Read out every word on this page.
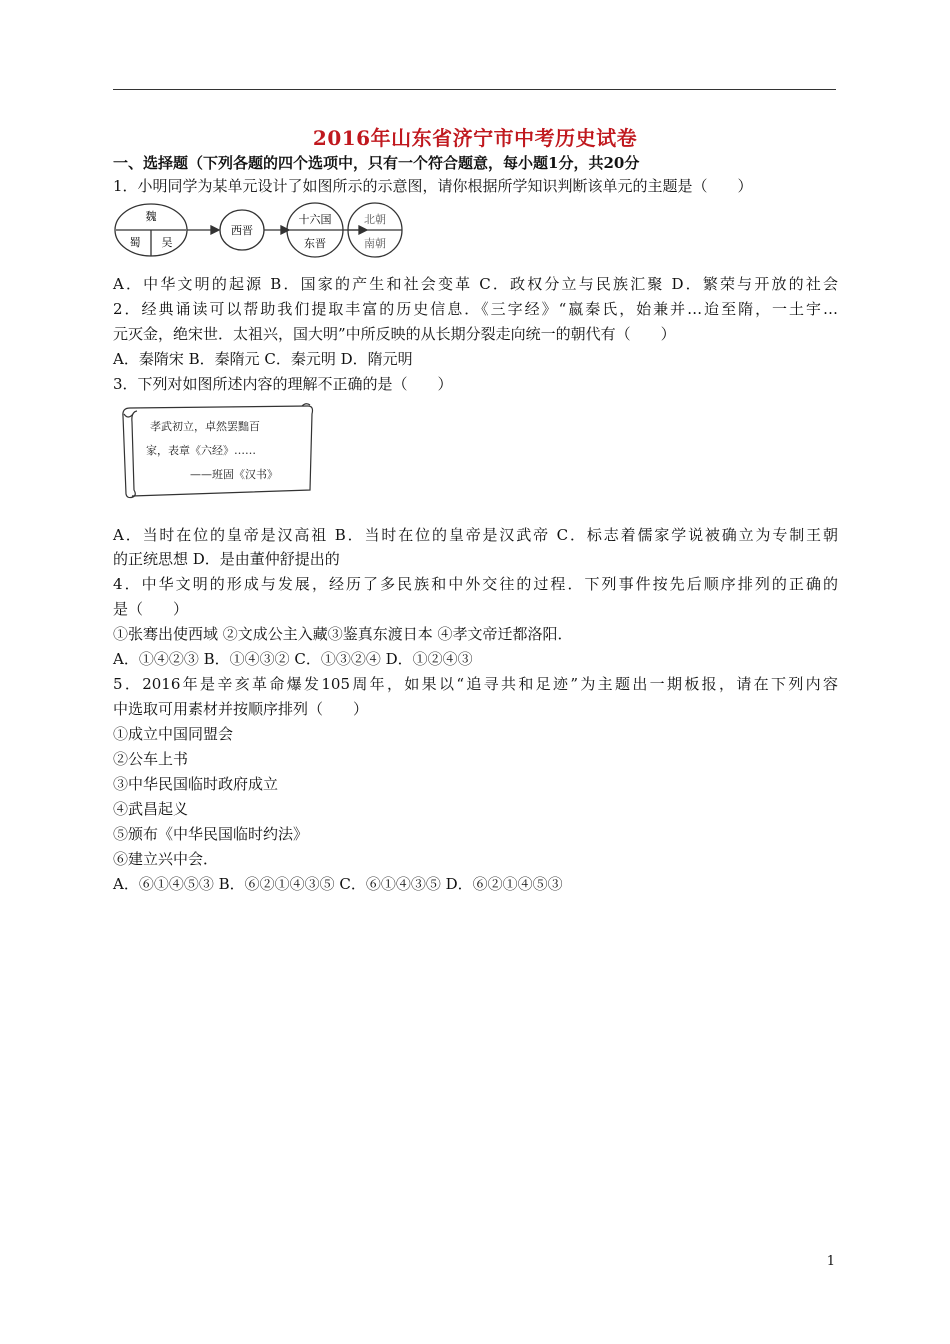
2016年山东省济宁市中考历史试卷
一、选择题（下列各题的四个选项中，只有一个符合题意，每小题1分，共20分
1．小明同学为某单元设计了如图所示的示意图，请你根据所学知识判断该单元的主题是（　　）
魏
蜀 吴
西晋
十六国
东晋
北朝
南朝
A．中华文明的起源 B．国家的产生和社会变革 C．政权分立与民族汇聚 D．繁荣与开放的社会
2．经典诵读可以帮助我们提取丰富的历史信息．《三字经》“嬴秦氏，始兼并…迨至隋，一土宇…
元灭金，绝宋世．太祖兴，国大明”中所反映的从长期分裂走向统一的朝代有（　　）
A．秦隋宋 B．秦隋元 C．秦元明 D．隋元明
3．下列对如图所述内容的理解不正确的是（　　）
孝武初立，卓然罢黜百
家，表章《六经》……
——班固《汉书》
A．当时在位的皇帝是汉高祖 B．当时在位的皇帝是汉武帝 C．标志着儒家学说被确立为专制王朝
的正统思想 D．是由董仲舒提出的
4．中华文明的形成与发展，经历了多民族和中外交往的过程．下列事件按先后顺序排列的正确的
是（　　）
①张骞出使西域 ②文成公主入藏③鉴真东渡日本 ④孝文帝迁都洛阳．
A．①④②③ B．①④③② C．①③②④ D．①②④③
5．2016年是辛亥革命爆发105周年，如果以“追寻共和足迹”为主题出一期板报，请在下列内容
中选取可用素材并按顺序排列（　　）
①成立中国同盟会
②公车上书
③中华民国临时政府成立
④武昌起义
⑤颁布《中华民国临时约法》
⑥建立兴中会．
A．⑥①④⑤③ B．⑥②①④③⑤ C．⑥①④③⑤ D．⑥②①④⑤③
1
